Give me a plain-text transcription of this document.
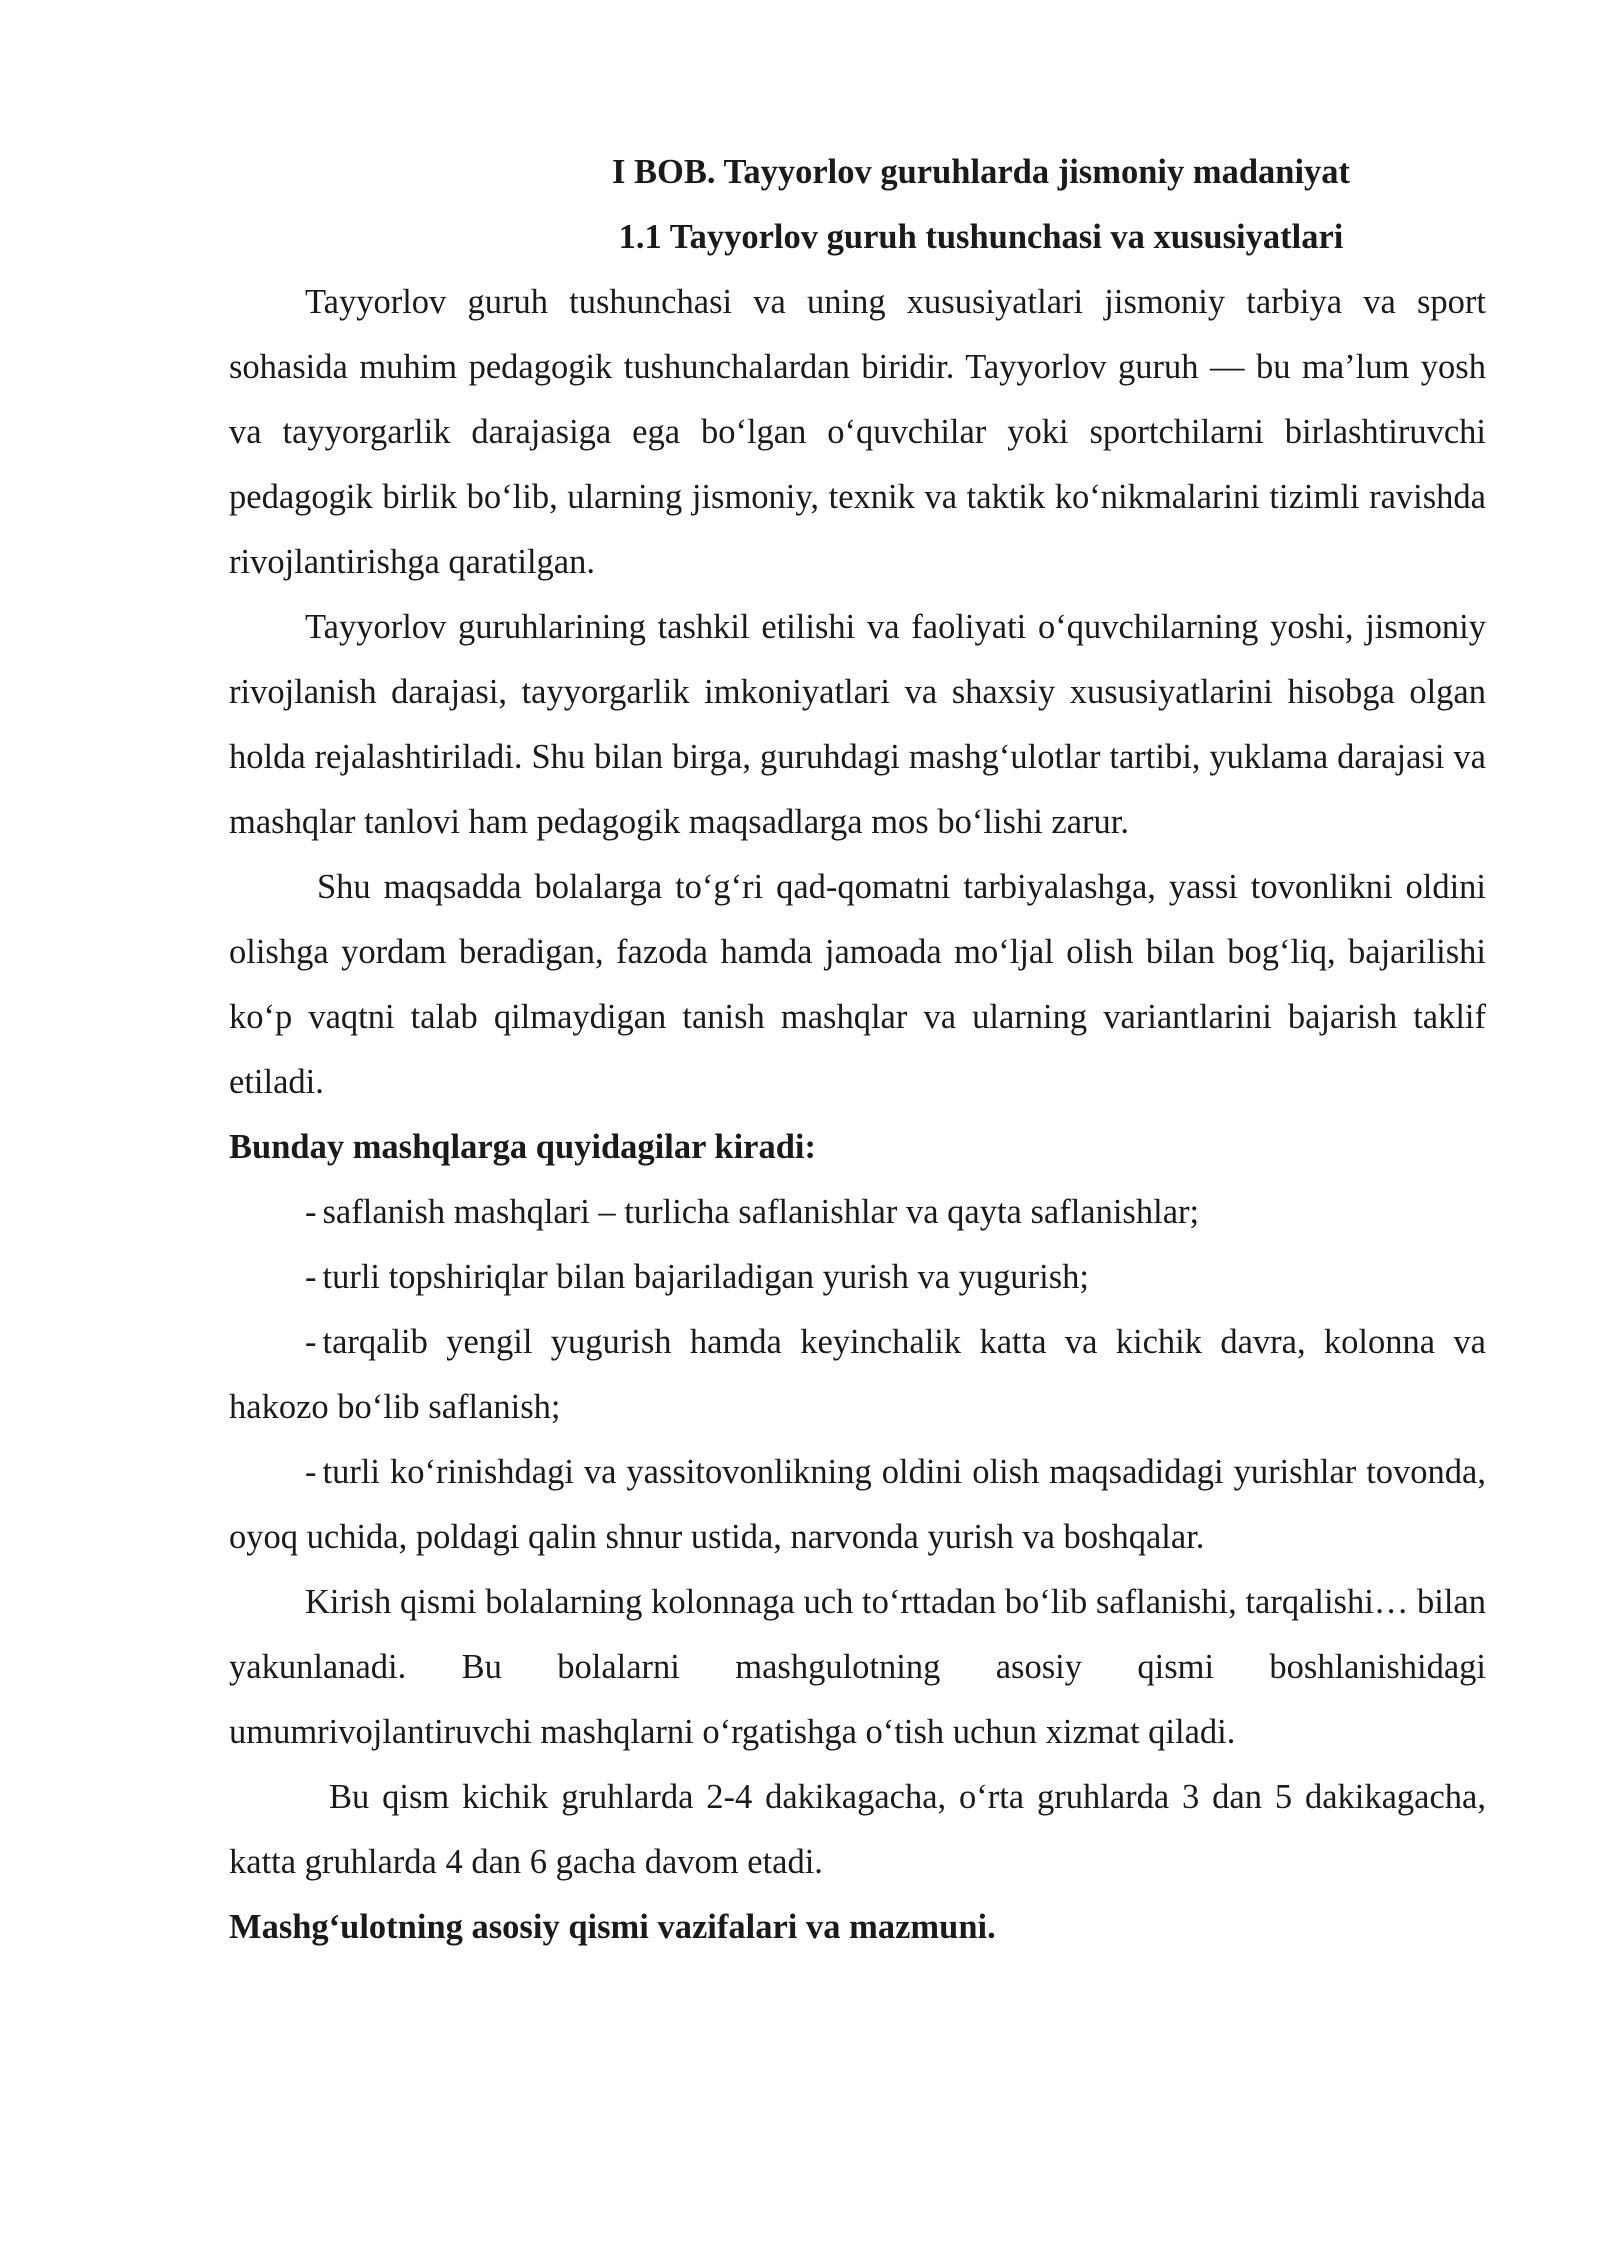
I BOB. Tayyorlov guruhlarda jismoniy madaniyat

1.1 Tayyorlov guruh tushunchasi va xususiyatlari

Tayyorlov guruh tushunchasi va uning xususiyatlari jismoniy tarbiya va sport sohasida muhim pedagogik tushunchalardan biridir. Tayyorlov guruh — bu ma’lum yosh va tayyorgarlik darajasiga ega bo‘lgan o‘quvchilar yoki sportchilarni birlashtiruvchi pedagogik birlik bo‘lib, ularning jismoniy, texnik va taktik ko‘nikmalarini tizimli ravishda rivojlantirishga qaratilgan.

Tayyorlov guruhlarining tashkil etilishi va faoliyati o‘quvchilarning yoshi, jismoniy rivojlanish darajasi, tayyorgarlik imkoniyatlari va shaxsiy xususiyatlarini hisobga olgan holda rejalashtiriladi. Shu bilan birga, guruhdagi mashg‘ulotlar tartibi, yuklama darajasi va mashqlar tanlovi ham pedagogik maqsadlarga mos bo‘lishi zarur.

Shu maqsadda bolalarga to‘g‘ri qad-qomatni tarbiyalashga, yassi tovonlikni oldini olishga yordam beradigan, fazoda hamda jamoada mo‘ljal olish bilan bog‘liq, bajarilishi ko‘p vaqtni talab qilmaydigan tanish mashqlar va ularning variantlarini bajarish taklif etiladi.

Bunday mashqlarga quyidagilar kiradi:

- saflanish mashqlari – turlicha saflanishlar va qayta saflanishlar;

- turli topshiriqlar bilan bajariladigan yurish va yugurish;

- tarqalib yengil yugurish hamda keyinchalik katta va kichik davra, kolonna va hakozo bo‘lib saflanish;

- turli ko‘rinishdagi va yassitovonlikning oldini olish maqsadidagi yurishlar tovonda, oyoq uchida, poldagi qalin shnur ustida, narvonda yurish va boshqalar.

Kirish qismi bolalarning kolonnaga uch to‘rttadan bo‘lib saflanishi, tarqalishi… bilan yakunlanadi. Bu bolalarni mashgulotning asosiy qismi boshlanishidagi umumrivojlantiruvchi mashqlarni o‘rgatishga o‘tish uchun xizmat qiladi.

Bu qism kichik gruhlarda 2-4 dakikagacha, o‘rta gruhlarda 3 dan 5 dakikagacha, katta gruhlarda 4 dan 6 gacha davom etadi.

Mashg‘ulotning asosiy qismi vazifalari va mazmuni.
